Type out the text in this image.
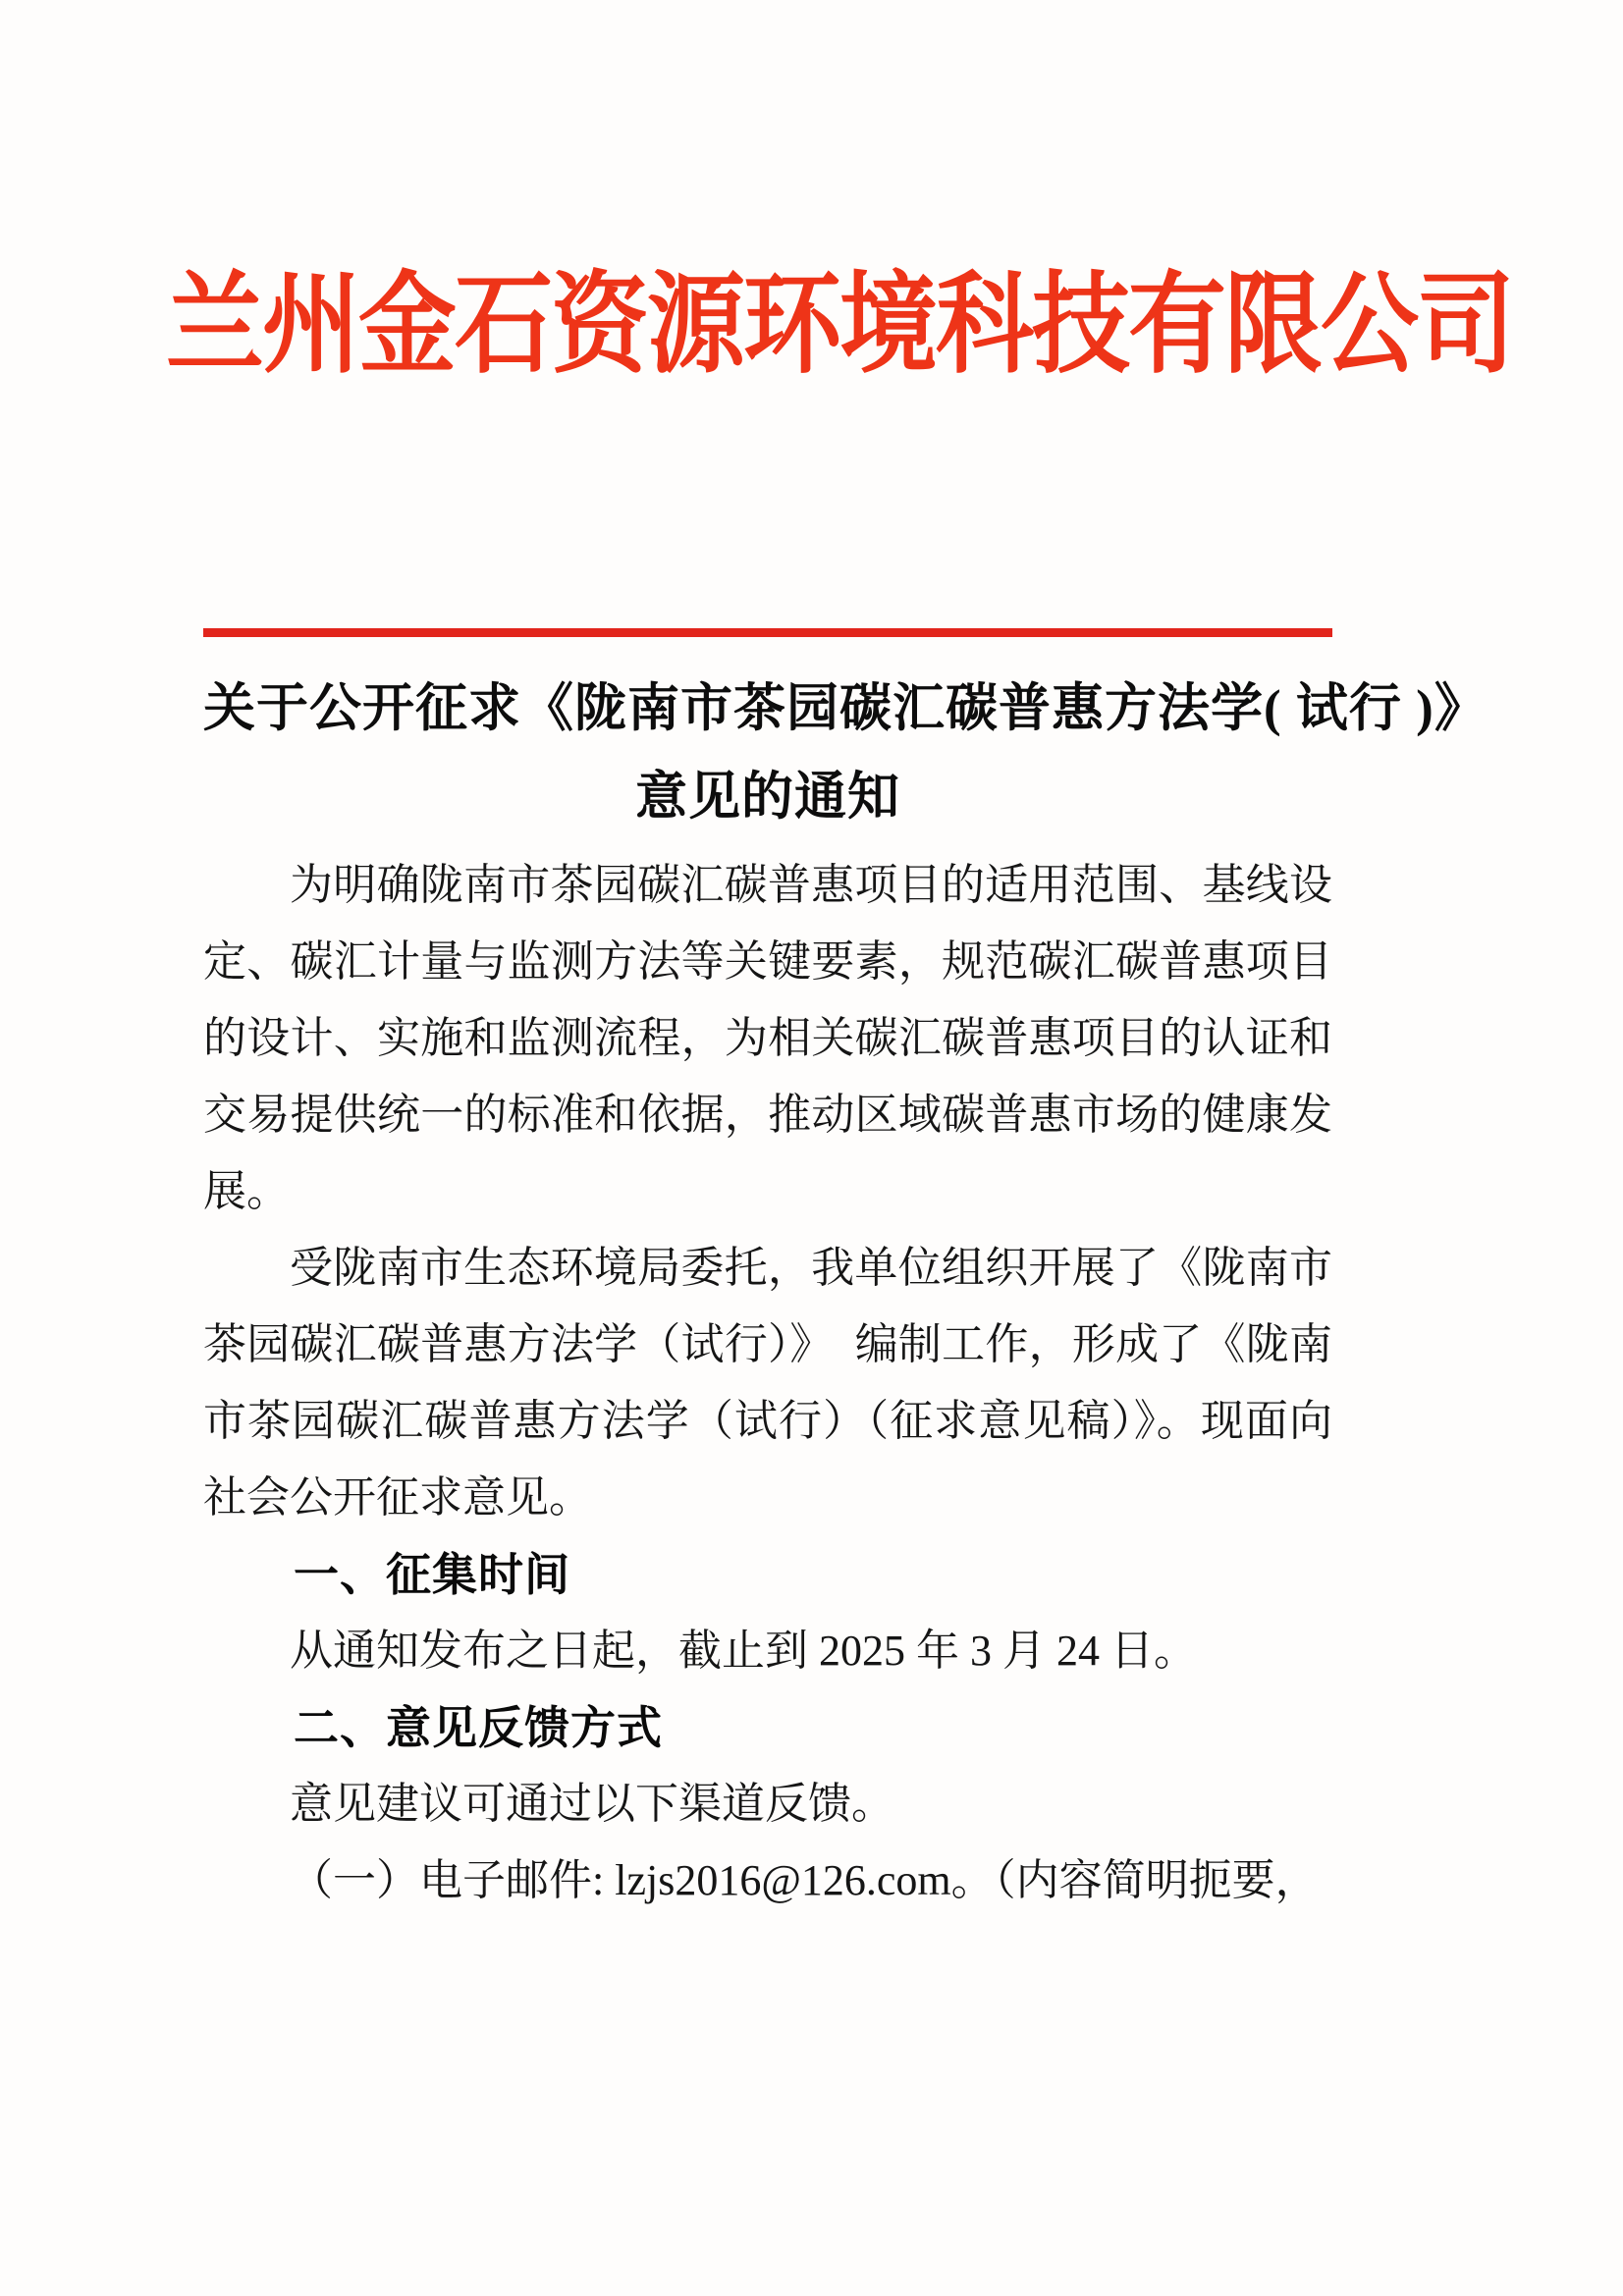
兰州金石资源环境科技有限公司
关于公开征求《陇南市茶园碳汇碳普惠方法学( 试行 )》
意见的通知

为明确陇南市茶园碳汇碳普惠项目的适用范围、基线设定、碳汇计量与监测方法等关键要素，规范碳汇碳普惠项目的设计、实施和监测流程，为相关碳汇碳普惠项目的认证和交易提供统一的标准和依据，推动区域碳普惠市场的健康发展。

受陇南市生态环境局委托，我单位组织开展了《陇南市茶园碳汇碳普惠方法学（试行）》　编制工作，形成了《陇南市茶园碳汇碳普惠方法学（试行）（征求意见稿）》。现面向社会公开征求意见。

一、征集时间

从通知发布之日起，截止到 2025 年 3 月 24 日。

二、意见反馈方式

意见建议可通过以下渠道反馈。

（一）电子邮件: lzjs2016@126.com。（内容简明扼要，
